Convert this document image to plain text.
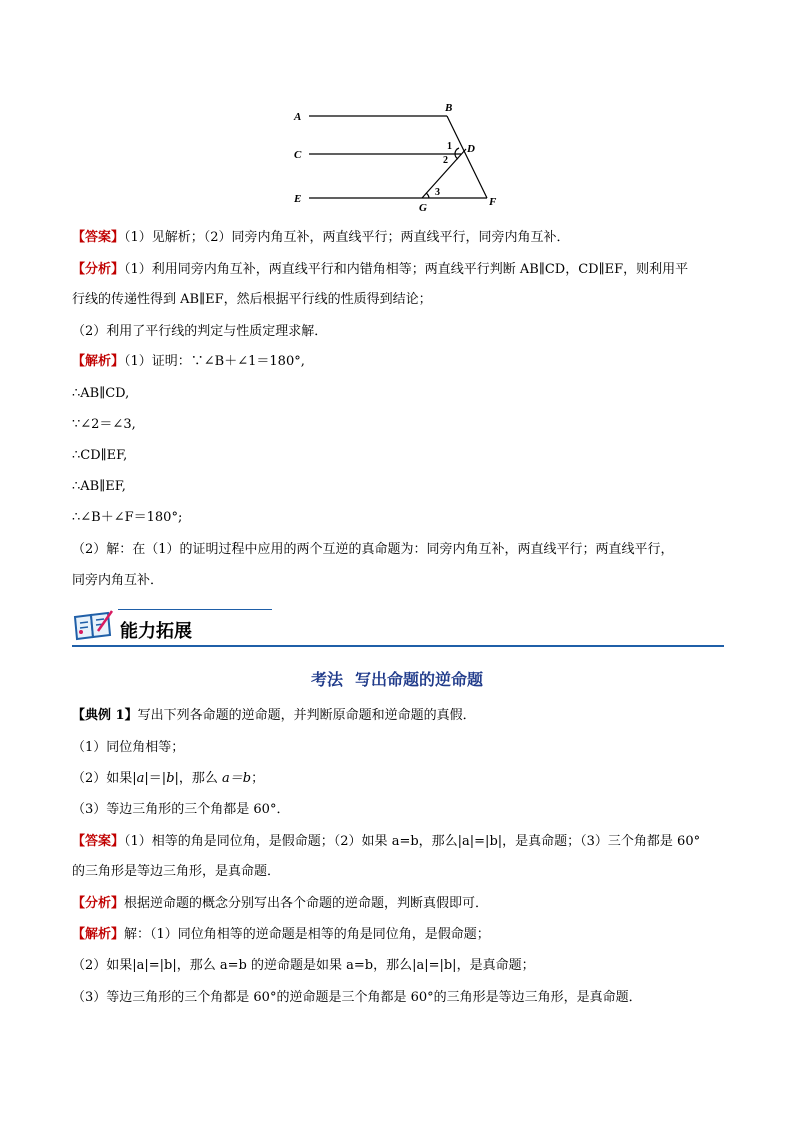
A
B
C	D
E	F
G
1
2
3
【答案】（1）见解析；（2）同旁内角互补，两直线平行；两直线平行，同旁内角互补．
【分析】（1）利用同旁内角互补，两直线平行和内错角相等；两直线平行判断 AB∥CD，CD∥EF，则利用平
行线的传递性得到 AB∥EF，然后根据平行线的性质得到结论；
（2）利用了平行线的判定与性质定理求解．
【解析】（1）证明：∵∠B＋∠1＝180°,
∴AB∥CD,
∵∠2＝∠3,
∴CD∥EF,
∴AB∥EF,
∴∠B＋∠F＝180°;
（2）解：在（1）的证明过程中应用的两个互逆的真命题为：同旁内角互补，两直线平行；两直线平行，
同旁内角互补．
能力拓展
考法 写出命题的逆命题
【典例 1】写出下列各命题的逆命题，并判断原命题和逆命题的真假．
（1）同位角相等；
（2）如果|a|＝|b|，那么 a＝b；
（3）等边三角形的三个角都是 60°．
【答案】（1）相等的角是同位角，是假命题；（2）如果 a=b，那么|a|=|b|，是真命题；（3）三个角都是 60°
的三角形是等边三角形，是真命题．
【分析】根据逆命题的概念分别写出各个命题的逆命题，判断真假即可．
【解析】解：（1）同位角相等的逆命题是相等的角是同位角，是假命题；
（2）如果|a|=|b|，那么 a=b 的逆命题是如果 a=b，那么|a|=|b|，是真命题；
（3）等边三角形的三个角都是 60°的逆命题是三个角都是 60°的三角形是等边三角形，是真命题．
